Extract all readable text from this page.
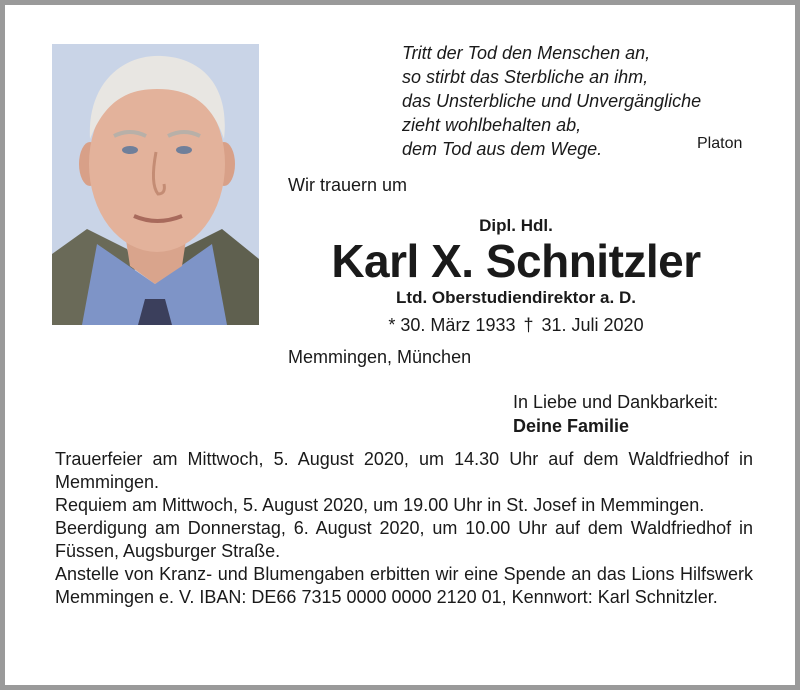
Tritt der Tod den Menschen an,
so stirbt das Sterbliche an ihm,
das Unsterbliche und Unvergängliche
zieht wohlbehalten ab,
dem Tod aus dem Wege.	Platon
Wir trauern um
Dipl. Hdl.
Karl X. Schnitzler
Ltd. Oberstudiendirektor a. D.
* 30. März 1933 † 31. Juli 2020
Memmingen, München
In Liebe und Dankbarkeit:
Deine Familie

Trauerfeier am Mittwoch, 5. August 2020, um 14.30 Uhr auf dem Waldfriedhof in Memmingen.

Requiem am Mittwoch, 5. August 2020, um 19.00 Uhr in St. Josef in Memmingen.

Beerdigung am Donnerstag, 6. August 2020, um 10.00 Uhr auf dem Waldfriedhof in Füssen, Augsburger Straße.

Anstelle von Kranz- und Blumengaben erbitten wir eine Spende an das Lions Hilfswerk Memmingen e. V. IBAN: DE66 7315 0000 0000 2120 01, Kennwort: Karl Schnitzler.
